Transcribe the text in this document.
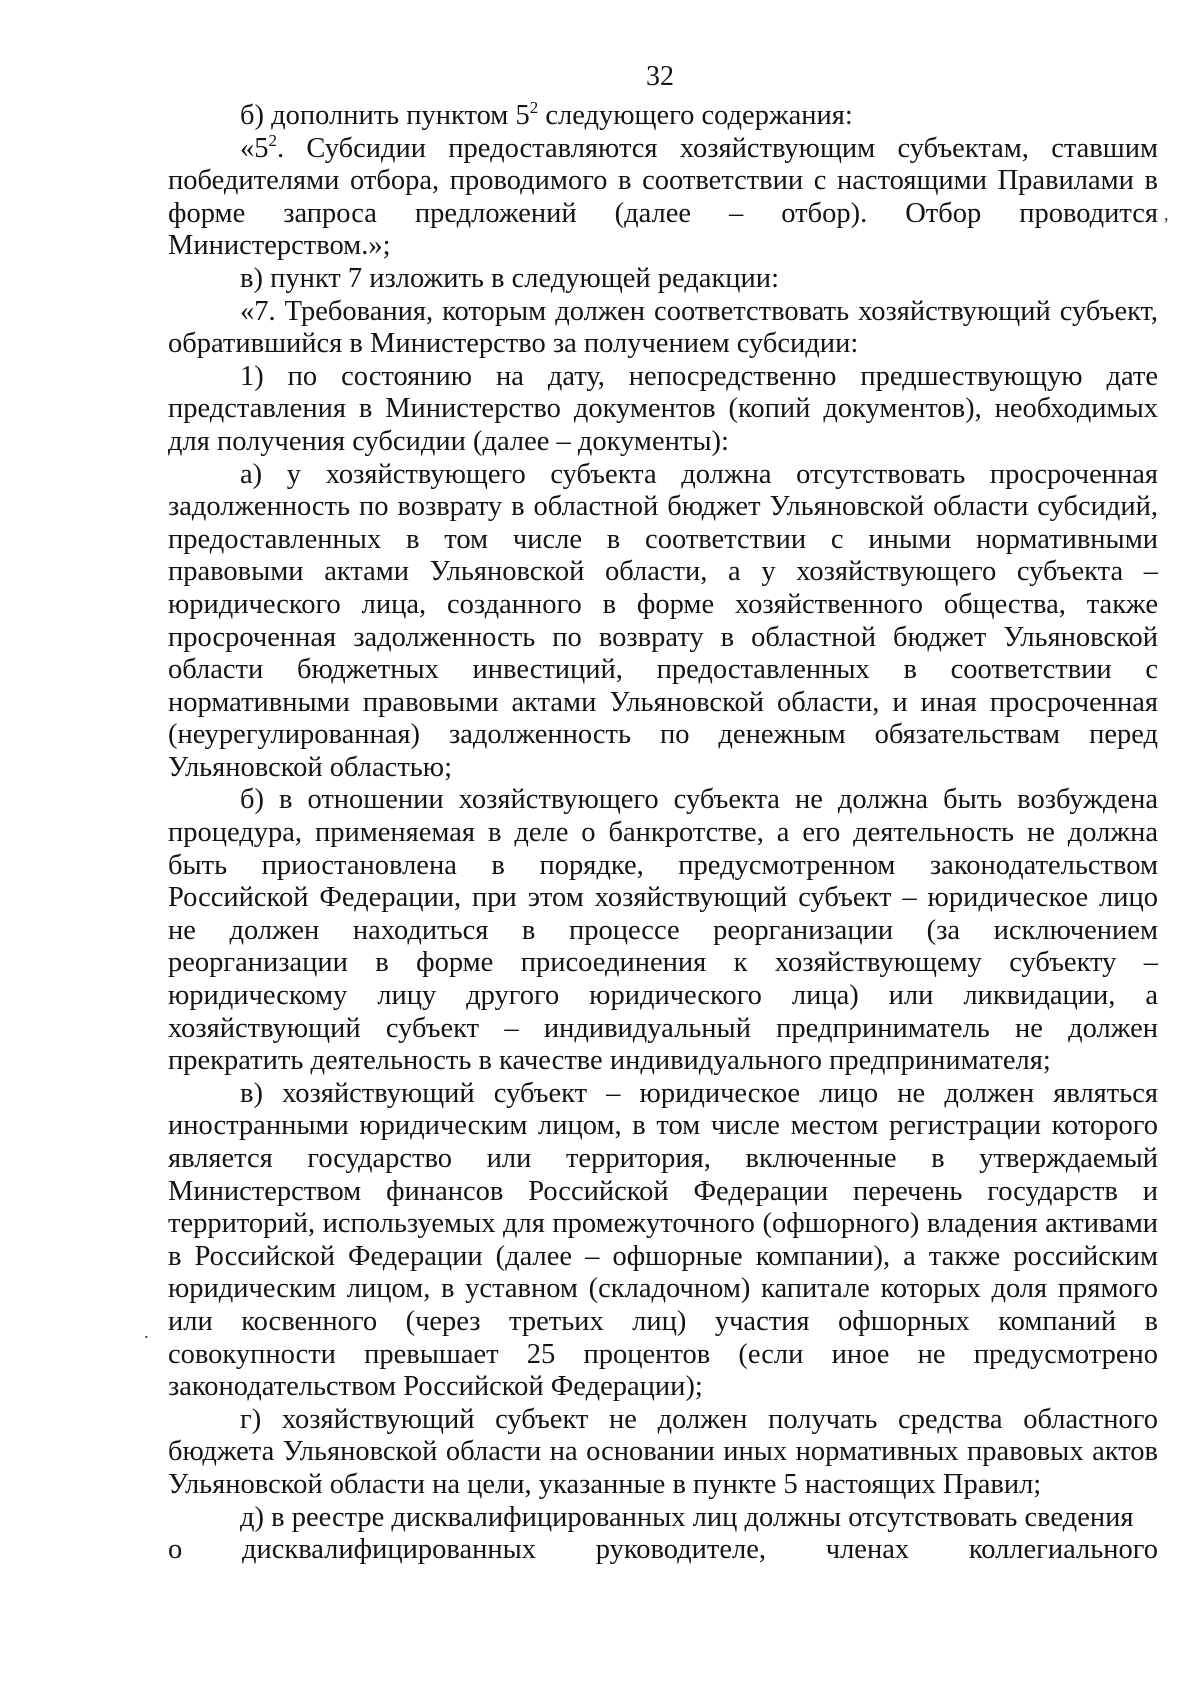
32

б) дополнить пунктом $5^2$ следующего содержания:

«$5^2$. Субсидии предоставляются хозяйствующим субъектам, ставшим победителями отбора, проводимого в соответствии с настоящими Правилами в форме запроса предложений (далее – отбор). Отбор проводится Министерством.»;

в) пункт 7 изложить в следующей редакции:

«7. Требования, которым должен соответствовать хозяйствующий субъект, обратившийся в Министерство за получением субсидии:

1) по состоянию на дату, непосредственно предшествующую дате представления в Министерство документов (копий документов), необходимых для получения субсидии (далее – документы):

а) у хозяйствующего субъекта должна отсутствовать просроченная задолженность по возврату в областной бюджет Ульяновской области субсидий, предоставленных в том числе в соответствии с иными нормативными правовыми актами Ульяновской области, а у хозяйствующего субъекта – юридического лица, созданного в форме хозяйственного общества, также просроченная задолженность по возврату в областной бюджет Ульяновской области бюджетных инвестиций, предоставленных в соответствии с нормативными правовыми актами Ульяновской области, и иная просроченная (неурегулированная) задолженность по денежным обязательствам перед Ульяновской областью;

б) в отношении хозяйствующего субъекта не должна быть возбуждена процедура, применяемая в деле о банкротстве, а его деятельность не должна быть приостановлена в порядке, предусмотренном законодательством Российской Федерации, при этом хозяйствующий субъект – юридическое лицо не должен находиться в процессе реорганизации (за исключением реорганизации в форме присоединения к хозяйствующему субъекту – юридическому лицу другого юридического лица) или ликвидации, а хозяйствующий субъект – индивидуальный предприниматель не должен прекратить деятельность в качестве индивидуального предпринимателя;

в) хозяйствующий субъект – юридическое лицо не должен являться иностранными юридическим лицом, в том числе местом регистрации которого является государство или территория, включенные в утверждаемый Министерством финансов Российской Федерации перечень государств и территорий, используемых для промежуточного (офшорного) владения активами в Российской Федерации (далее – офшорные компании), а также российским юридическим лицом, в уставном (складочном) капитале которых доля прямого или косвенного (через третьих лиц) участия офшорных компаний в совокупности превышает 25 процентов (если иное не предусмотрено законодательством Российской Федерации);

г) хозяйствующий субъект не должен получать средства областного бюджета Ульяновской области на основании иных нормативных правовых актов Ульяновской области на цели, указанные в пункте 5 настоящих Правил;

д) в реестре дисквалифицированных лиц должны отсутствовать сведения

о дисквалифицированных руководителе, членах коллегиального
,
.
